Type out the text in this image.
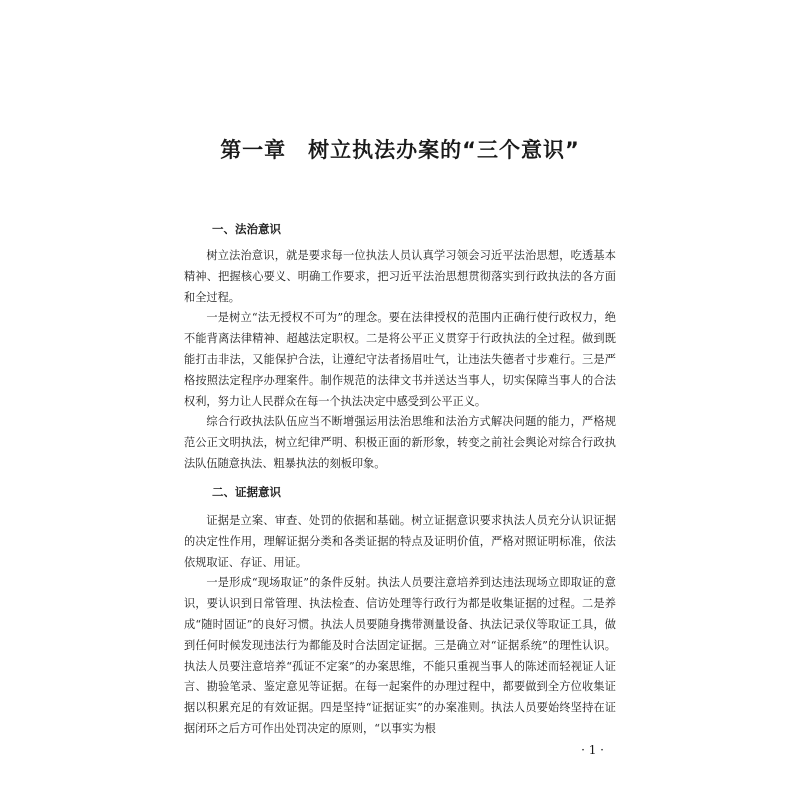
第一章　树立执法办案的“三个意识”
一、法治意识

树立法治意识，就是要求每一位执法人员认真学习领会习近平法治思想，吃透基本精神、把握核心要义、明确工作要求，把习近平法治思想贯彻落实到行政执法的各方面和全过程。

一是树立“法无授权不可为”的理念。要在法律授权的范围内正确行使行政权力，绝不能背离法律精神、超越法定职权。二是将公平正义贯穿于行政执法的全过程。做到既能打击非法，又能保护合法，让遵纪守法者扬眉吐气，让违法失德者寸步难行。三是严格按照法定程序办理案件。制作规范的法律文书并送达当事人，切实保障当事人的合法权利，努力让人民群众在每一个执法决定中感受到公平正义。

综合行政执法队伍应当不断增强运用法治思维和法治方式解决问题的能力，严格规范公正文明执法，树立纪律严明、积极正面的新形象，转变之前社会舆论对综合行政执法队伍随意执法、粗暴执法的刻板印象。

二、证据意识

证据是立案、审查、处罚的依据和基础。树立证据意识要求执法人员充分认识证据的决定性作用，理解证据分类和各类证据的特点及证明价值，严格对照证明标准，依法依规取证、存证、用证。

一是形成“现场取证”的条件反射。执法人员要注意培养到达违法现场立即取证的意识，要认识到日常管理、执法检查、信访处理等行政行为都是收集证据的过程。二是养成“随时固证”的良好习惯。执法人员要随身携带测量设备、执法记录仪等取证工具，做到任何时候发现违法行为都能及时合法固定证据。三是确立对“证据系统”的理性认识。执法人员要注意培养“孤证不定案”的办案思维，不能只重视当事人的陈述而轻视证人证言、勘验笔录、鉴定意见等证据。在每一起案件的办理过程中，都要做到全方位收集证据以积累充足的有效证据。四是坚持“证据证实”的办案准则。执法人员要始终坚持在证据闭环之后方可作出处罚决定的原则，“以事实为根

· 1 ·
